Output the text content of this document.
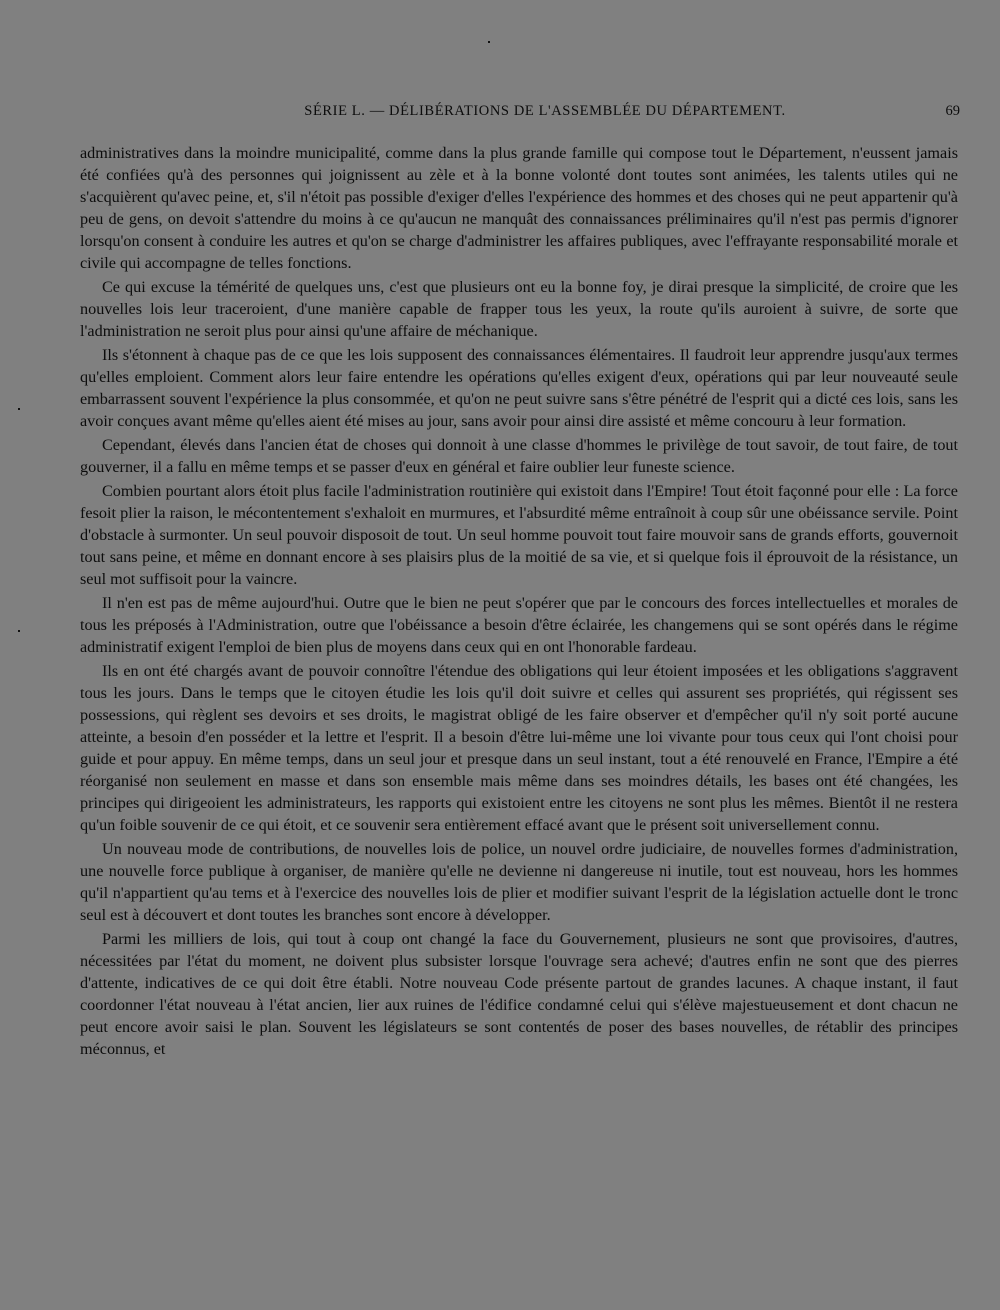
SÉRIE L. — DÉLIBÉRATIONS DE L'ASSEMBLÉE DU DÉPARTEMENT.	69

administratives dans la moindre municipalité, comme dans la plus grande famille qui compose tout le Département, n'eussent jamais été confiées qu'à des personnes qui joignissent au zèle et à la bonne volonté dont toutes sont animées, les talents utiles qui ne s'acquièrent qu'avec peine, et, s'il n'étoit pas possible d'exiger d'elles l'expérience des hommes et des choses qui ne peut appartenir qu'à peu de gens, on devoit s'attendre du moins à ce qu'aucun ne manquât des connaissances préliminaires qu'il n'est pas permis d'ignorer lorsqu'on consent à conduire les autres et qu'on se charge d'administrer les affaires publiques, avec l'effrayante responsabilité morale et civile qui accompagne de telles fonctions.

Ce qui excuse la témérité de quelques uns, c'est que plusieurs ont eu la bonne foy, je dirai presque la simplicité, de croire que les nouvelles lois leur traceroient, d'une manière capable de frapper tous les yeux, la route qu'ils auroient à suivre, de sorte que l'administration ne seroit plus pour ainsi qu'une affaire de méchanique.

Ils s'étonnent à chaque pas de ce que les lois supposent des connaissances élémentaires. Il faudroit leur apprendre jusqu'aux termes qu'elles emploient. Comment alors leur faire entendre les opérations qu'elles exigent d'eux, opérations qui par leur nouveauté seule embarrassent souvent l'expérience la plus consommée, et qu'on ne peut suivre sans s'être pénétré de l'esprit qui a dicté ces lois, sans les avoir conçues avant même qu'elles aient été mises au jour, sans avoir pour ainsi dire assisté et même concouru à leur formation.

Cependant, élevés dans l'ancien état de choses qui donnoit à une classe d'hommes le privilège de tout savoir, de tout faire, de tout gouverner, il a fallu en même temps et se passer d'eux en général et faire oublier leur funeste science.

Combien pourtant alors étoit plus facile l'administration routinière qui existoit dans l'Empire! Tout étoit façonné pour elle : La force fesoit plier la raison, le mécontentement s'exhaloit en murmures, et l'absurdité même entraînoit à coup sûr une obéissance servile. Point d'obstacle à surmonter. Un seul pouvoir disposoit de tout. Un seul homme pouvoit tout faire mouvoir sans de grands efforts, gouvernoit tout sans peine, et même en donnant encore à ses plaisirs plus de la moitié de sa vie, et si quelque fois il éprouvoit de la résistance, un seul mot suffisoit pour la vaincre.

Il n'en est pas de même aujourd'hui. Outre que le bien ne peut s'opérer que par le concours des forces intellectuelles et morales de tous les préposés à l'Administration, outre que l'obéissance a besoin d'être éclairée, les changemens qui se sont opérés dans le régime administratif exigent l'emploi de bien plus de moyens dans ceux qui en ont l'honorable fardeau.

Ils en ont été chargés avant de pouvoir connoître l'étendue des obligations qui leur étoient imposées et les obligations s'aggravent tous les jours. Dans le temps que le citoyen étudie les lois qu'il doit suivre et celles qui assurent ses propriétés, qui régissent ses possessions, qui règlent ses devoirs et ses droits, le magistrat obligé de les faire observer et d'empêcher qu'il n'y soit porté aucune atteinte, a besoin d'en posséder et la lettre et l'esprit. Il a besoin d'être lui-même une loi vivante pour tous ceux qui l'ont choisi pour guide et pour appuy. En même temps, dans un seul jour et presque dans un seul instant, tout a été renouvelé en France, l'Empire a été réorganisé non seulement en masse et dans son ensemble mais même dans ses moindres détails, les bases ont été changées, les principes qui dirigeoient les administrateurs, les rapports qui existoient entre les citoyens ne sont plus les mêmes. Bientôt il ne restera qu'un foible souvenir de ce qui étoit, et ce souvenir sera entièrement effacé avant que le présent soit universellement connu.

Un nouveau mode de contributions, de nouvelles lois de police, un nouvel ordre judiciaire, de nouvelles formes d'administration, une nouvelle force publique à organiser, de manière qu'elle ne devienne ni dangereuse ni inutile, tout est nouveau, hors les hommes qu'il n'appartient qu'au tems et à l'exercice des nouvelles lois de plier et modifier suivant l'esprit de la législation actuelle dont le tronc seul est à découvert et dont toutes les branches sont encore à développer.

Parmi les milliers de lois, qui tout à coup ont changé la face du Gouvernement, plusieurs ne sont que provisoires, d'autres, nécessitées par l'état du moment, ne doivent plus subsister lorsque l'ouvrage sera achevé; d'autres enfin ne sont que des pierres d'attente, indicatives de ce qui doit être établi. Notre nouveau Code présente partout de grandes lacunes. A chaque instant, il faut coordonner l'état nouveau à l'état ancien, lier aux ruines de l'édifice condamné celui qui s'élève majestueusement et dont chacun ne peut encore avoir saisi le plan. Souvent les législateurs se sont contentés de poser des bases nouvelles, de rétablir des principes méconnus, et
